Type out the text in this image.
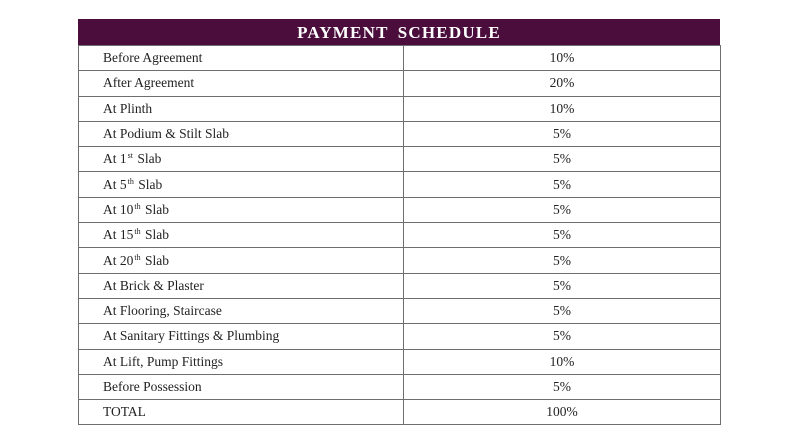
PAYMENT SCHEDULE
Before Agreement	10%
After Agreement	20%
At Plinth	10%
At Podium & Stilt Slab	5%
At 1st Slab	5%
At 5th Slab	5%
At 10th Slab	5%
At 15th Slab	5%
At 20th Slab	5%
At Brick & Plaster	5%
At Flooring, Staircase	5%
At Sanitary Fittings & Plumbing	5%
At Lift, Pump Fittings	10%
Before Possession	5%
TOTAL	100%
